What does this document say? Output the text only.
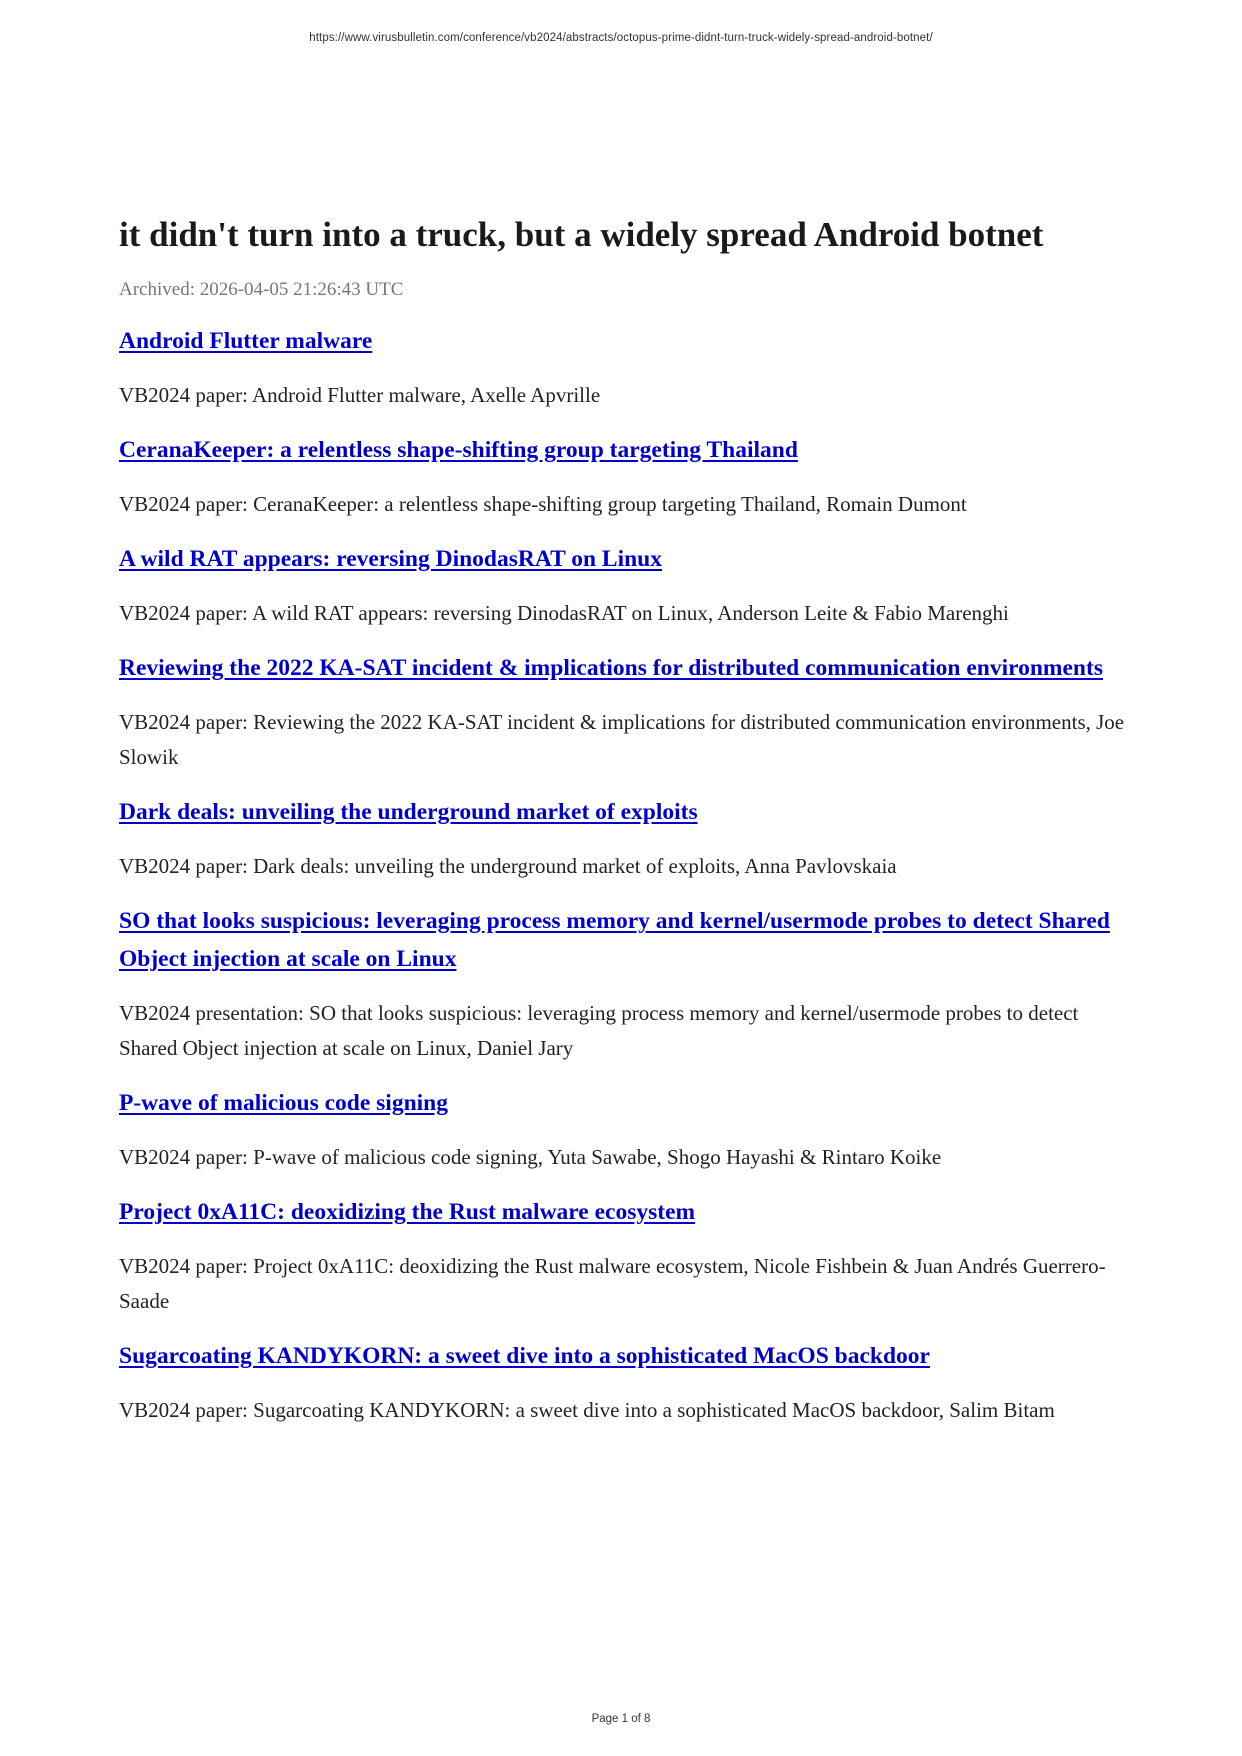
https://www.virusbulletin.com/conference/vb2024/abstracts/octopus-prime-didnt-turn-truck-widely-spread-android-botnet/
it didn't turn into a truck, but a widely spread Android botnet

Archived: 2026-04-05 21:26:43 UTC

Android Flutter malware

VB2024 paper: Android Flutter malware, Axelle Apvrille

CeranaKeeper: a relentless shape-shifting group targeting Thailand

VB2024 paper: CeranaKeeper: a relentless shape-shifting group targeting Thailand, Romain Dumont

A wild RAT appears: reversing DinodasRAT on Linux

VB2024 paper: A wild RAT appears: reversing DinodasRAT on Linux, Anderson Leite & Fabio Marenghi

Reviewing the 2022 KA-SAT incident & implications for distributed communication environments

VB2024 paper: Reviewing the 2022 KA-SAT incident & implications for distributed communication environments, Joe Slowik

Dark deals: unveiling the underground market of exploits

VB2024 paper: Dark deals: unveiling the underground market of exploits, Anna Pavlovskaia

SO that looks suspicious: leveraging process memory and kernel/usermode probes to detect Shared Object injection at scale on Linux

VB2024 presentation: SO that looks suspicious: leveraging process memory and kernel/usermode probes to detect Shared Object injection at scale on Linux, Daniel Jary

P-wave of malicious code signing

VB2024 paper: P-wave of malicious code signing, Yuta Sawabe, Shogo Hayashi & Rintaro Koike

Project 0xA11C: deoxidizing the Rust malware ecosystem

VB2024 paper: Project 0xA11C: deoxidizing the Rust malware ecosystem, Nicole Fishbein & Juan Andrés Guerrero-Saade

Sugarcoating KANDYKORN: a sweet dive into a sophisticated MacOS backdoor

VB2024 paper: Sugarcoating KANDYKORN: a sweet dive into a sophisticated MacOS backdoor, Salim Bitam

Page 1 of 8
